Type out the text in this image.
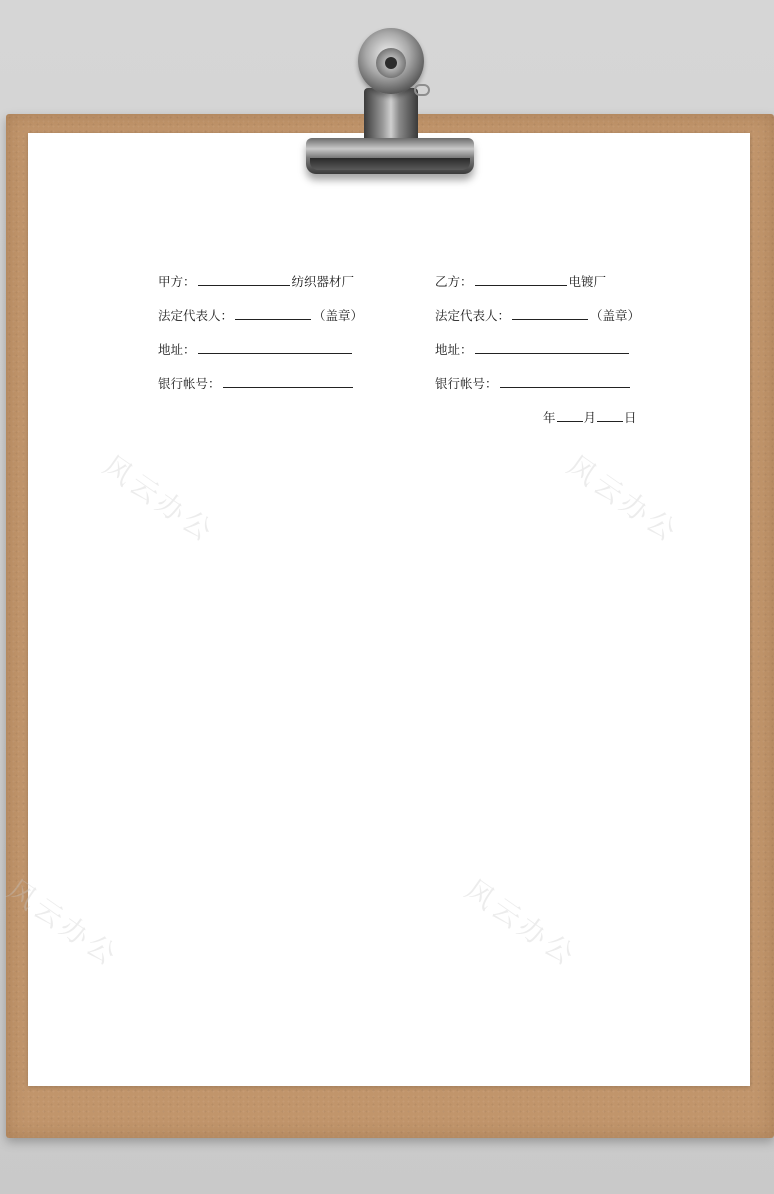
风云办公	风云办公
风云办公	风云办公
甲方：	纺织器材厂
法定代表人：	（盖章）
地址：
银行帐号：
乙方：	电镀厂
法定代表人：	（盖章）
地址：
银行帐号：
年 月 日
